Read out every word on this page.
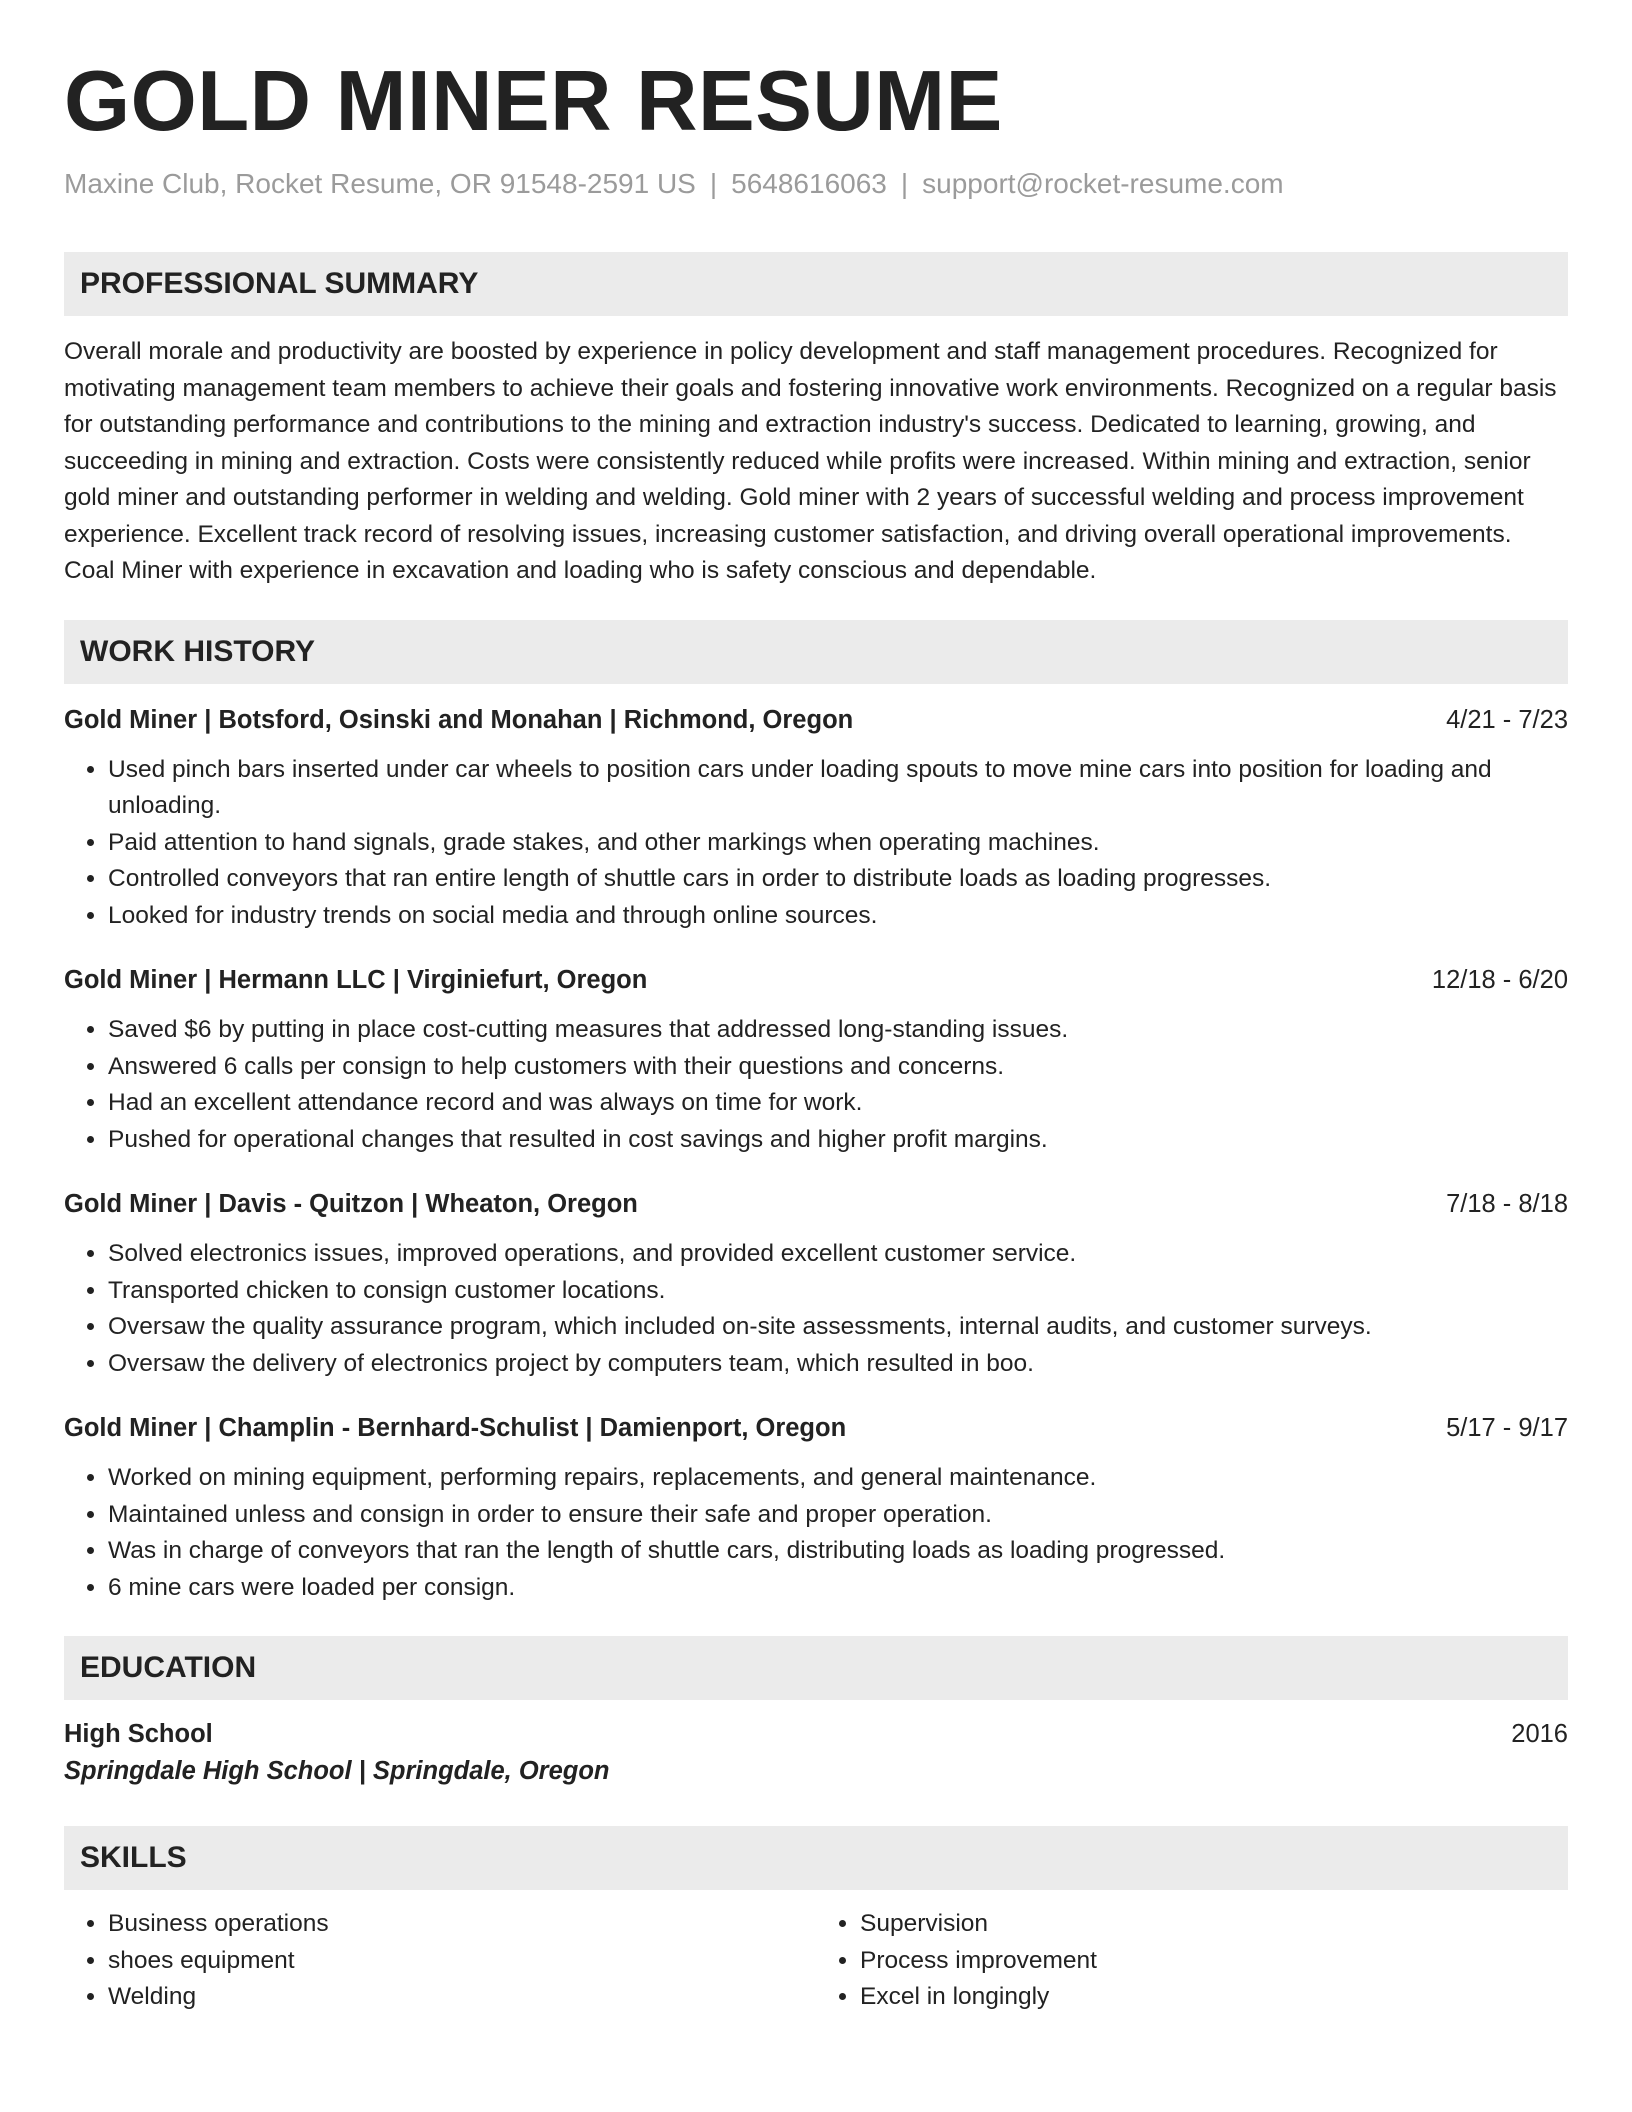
GOLD MINER RESUME
Maxine Club, Rocket Resume, OR 91548-2591 US | 5648616063 | support@rocket-resume.com
PROFESSIONAL SUMMARY
Overall morale and productivity are boosted by experience in policy development and staff management procedures. Recognized for motivating management team members to achieve their goals and fostering innovative work environments. Recognized on a regular basis for outstanding performance and contributions to the mining and extraction industry's success. Dedicated to learning, growing, and succeeding in mining and extraction. Costs were consistently reduced while profits were increased. Within mining and extraction, senior gold miner and outstanding performer in welding and welding. Gold miner with 2 years of successful welding and process improvement experience. Excellent track record of resolving issues, increasing customer satisfaction, and driving overall operational improvements. Coal Miner with experience in excavation and loading who is safety conscious and dependable.
WORK HISTORY
Gold Miner | Botsford, Osinski and Monahan | Richmond, Oregon	4/21 - 7/23
• Used pinch bars inserted under car wheels to position cars under loading spouts to move mine cars into position for loading and unloading.
• Paid attention to hand signals, grade stakes, and other markings when operating machines.
• Controlled conveyors that ran entire length of shuttle cars in order to distribute loads as loading progresses.
• Looked for industry trends on social media and through online sources.
Gold Miner | Hermann LLC | Virginiefurt, Oregon	12/18 - 6/20
• Saved $6 by putting in place cost-cutting measures that addressed long-standing issues.
• Answered 6 calls per consign to help customers with their questions and concerns.
• Had an excellent attendance record and was always on time for work.
• Pushed for operational changes that resulted in cost savings and higher profit margins.
Gold Miner | Davis - Quitzon | Wheaton, Oregon	7/18 - 8/18
• Solved electronics issues, improved operations, and provided excellent customer service.
• Transported chicken to consign customer locations.
• Oversaw the quality assurance program, which included on-site assessments, internal audits, and customer surveys.
• Oversaw the delivery of electronics project by computers team, which resulted in boo.
Gold Miner | Champlin - Bernhard-Schulist | Damienport, Oregon	5/17 - 9/17
• Worked on mining equipment, performing repairs, replacements, and general maintenance.
• Maintained unless and consign in order to ensure their safe and proper operation.
• Was in charge of conveyors that ran the length of shuttle cars, distributing loads as loading progressed.
• 6 mine cars were loaded per consign.
EDUCATION
High School	2016
Springdale High School | Springdale, Oregon
SKILLS
• Business operations
• shoes equipment
• Welding
• Supervision
• Process improvement
• Excel in longingly
